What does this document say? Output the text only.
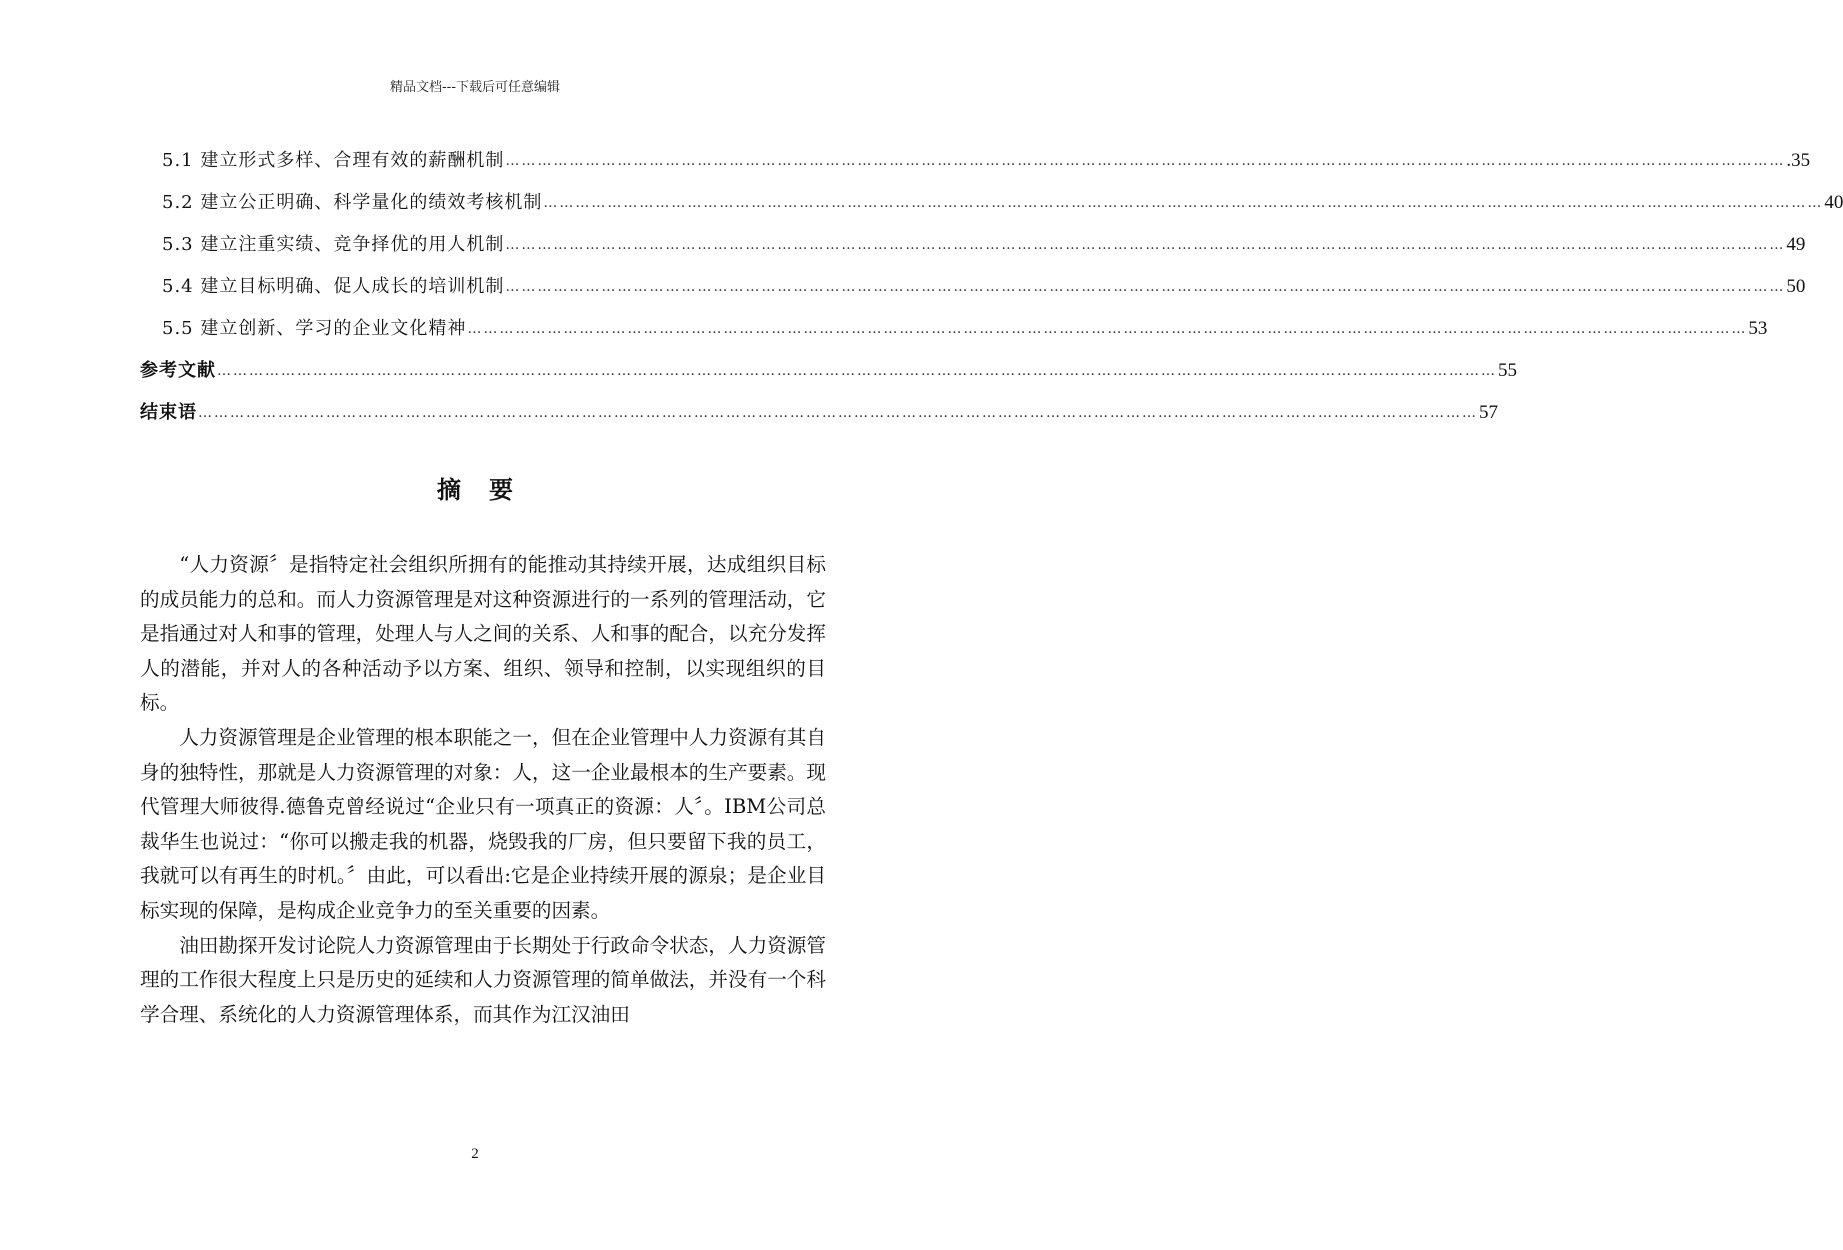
精品文档---下载后可任意编辑
5.1 建立形式多样、合理有效的薪酬机制 …………………………………………………………………………………………………………………………………………………………………………………………………………………… .35
5.2 建立公正明确、科学量化的绩效考核机制 …………………………………………………………………………………………………………………………………………………………………………………………………………………… 40
5.3 建立注重实绩、竞争择优的用人机制 …………………………………………………………………………………………………………………………………………………………………………………………………………………… 49
5.4 建立目标明确、促人成长的培训机制 …………………………………………………………………………………………………………………………………………………………………………………………………………………… 50
5.5 建立创新、学习的企业文化精神 …………………………………………………………………………………………………………………………………………………………………………………………………………………… 53
参考文献 …………………………………………………………………………………………………………………………………………………………………………………………………………………… 55
结束语 …………………………………………………………………………………………………………………………………………………………………………………………………………………… 57
摘要

“人力资源〞是指特定社会组织所拥有的能推动其持续开展，达成组织目标的成员能力的总和。而人力资源管理是对这种资源进行的一系列的管理活动，它是指通过对人和事的管理，处理人与人之间的关系、人和事的配合，以充分发挥人的潜能，并对人的各种活动予以方案、组织、领导和控制，以实现组织的目标。

人力资源管理是企业管理的根本职能之一，但在企业管理中人力资源有其自身的独特性，那就是人力资源管理的对象：人，这一企业最根本的生产要素。现代管理大师彼得.德鲁克曾经说过“企业只有一项真正的资源：人〞。IBM公司总裁华生也说过：“你可以搬走我的机器，烧毁我的厂房，但只要留下我的员工，我就可以有再生的时机。〞由此，可以看出:它是企业持续开展的源泉；是企业目标实现的保障，是构成企业竞争力的至关重要的因素。

油田勘探开发讨论院人力资源管理由于长期处于行政命令状态，人力资源管理的工作很大程度上只是历史的延续和人力资源管理的简单做法，并没有一个科学合理、系统化的人力资源管理体系，而其作为江汉油田

2
